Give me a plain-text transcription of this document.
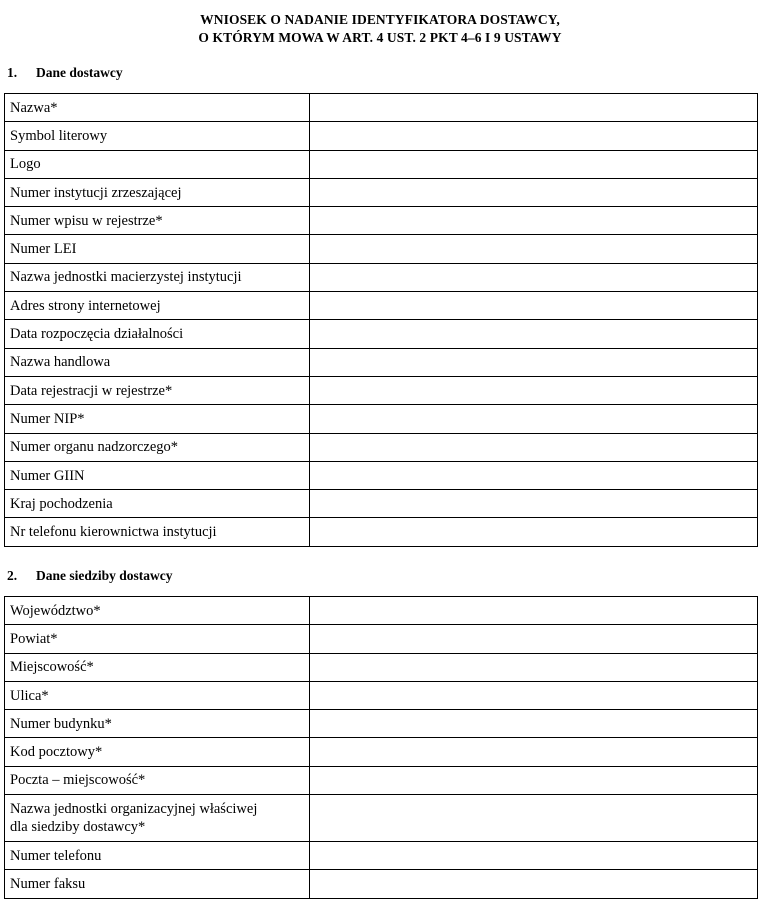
WNIOSEK O NADANIE IDENTYFIKATORA DOSTAWCY,
O KTÓRYM MOWA W ART. 4 UST. 2 PKT 4–6 I 9 USTAWY
1. Dane dostawcy
Nazwa*	
Symbol literowy	
Logo	
Numer instytucji zrzeszającej	
Numer wpisu w rejestrze*	
Numer LEI	
Nazwa jednostki macierzystej instytucji	
Adres strony internetowej	
Data rozpoczęcia działalności	
Nazwa handlowa	
Data rejestracji w rejestrze*	
Numer NIP*	
Numer organu nadzorczego*	
Numer GIIN	
Kraj pochodzenia	
Nr telefonu kierownictwa instytucji	
2. Dane siedziby dostawcy
Województwo*	
Powiat*	
Miejscowość*	
Ulica*	
Numer budynku*	
Kod pocztowy*	
Poczta – miejscowość*	

Nazwa jednostki organizacyjnej właściwej
dla siedziby dostawcy*	

Numer telefonu	
Numer faksu	
